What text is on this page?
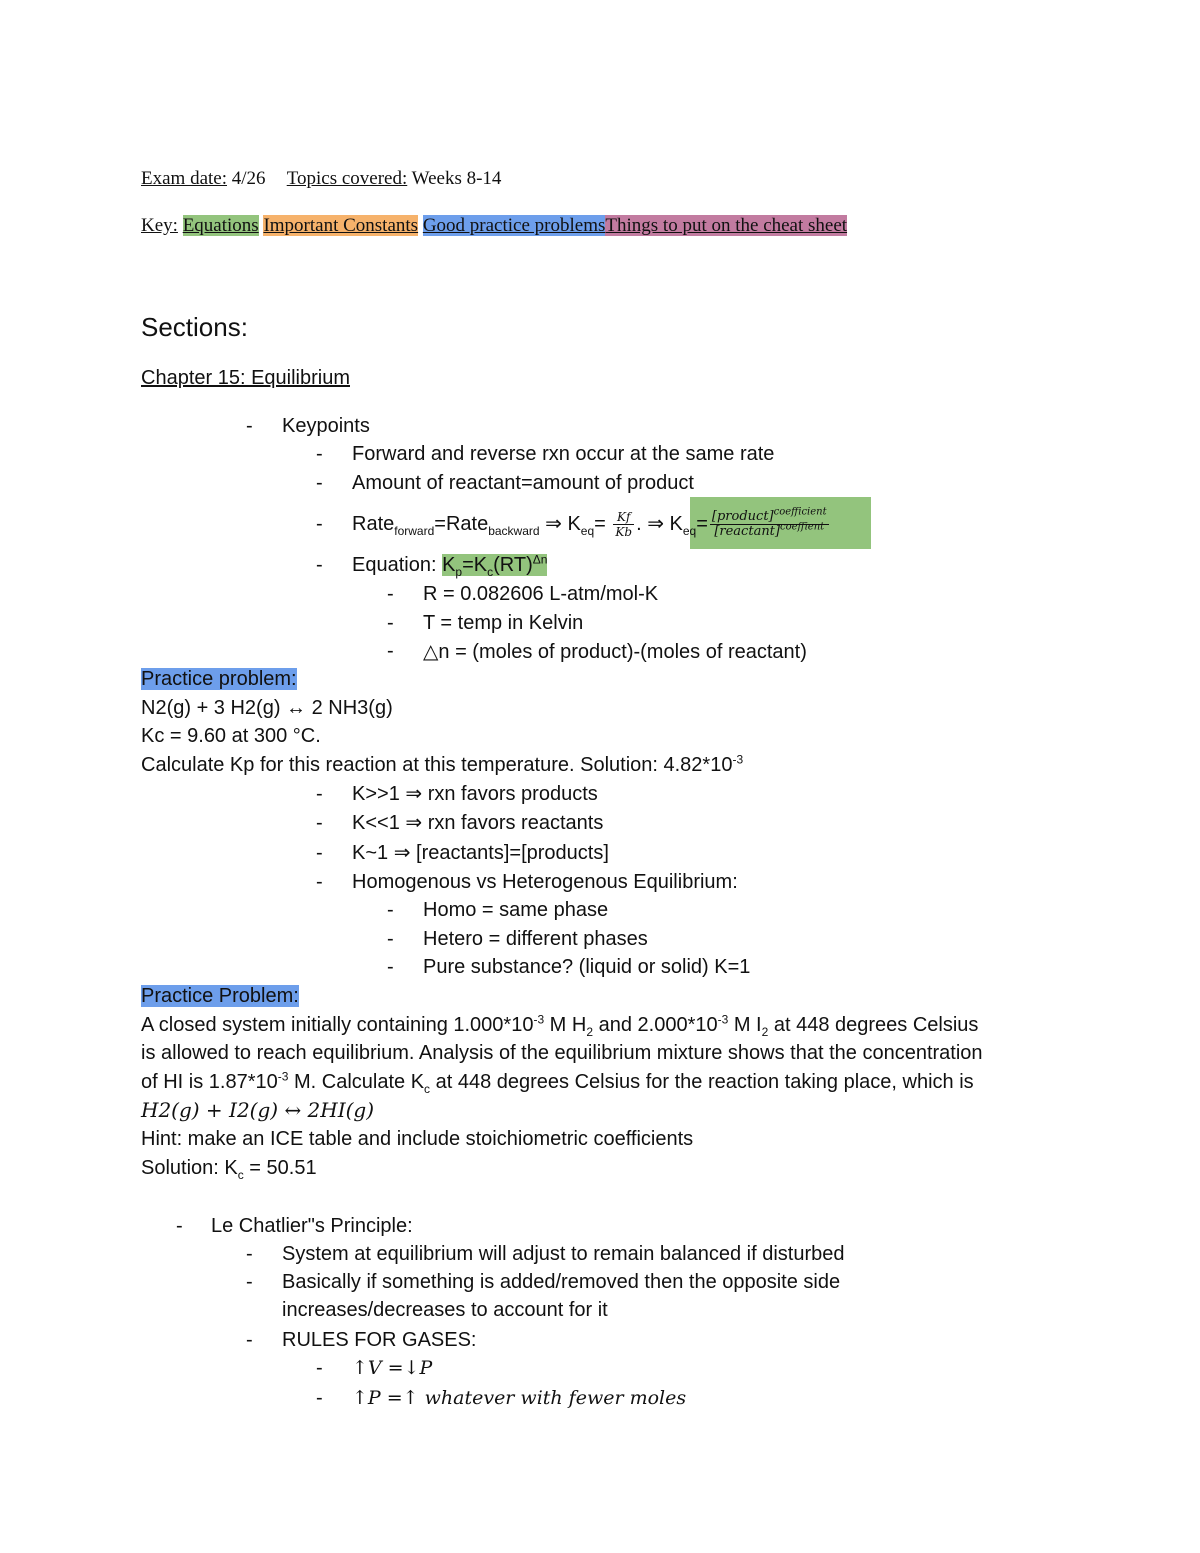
Exam date: 4/26 Topics covered: Weeks 8-14
Key: Equations Important Constants Good practice problemsThings to put on the cheat sheet
Sections:
Chapter 15: Equilibrium
- Keypoints
- Forward and reverse rxn occur at the same rate
- Amount of reactant=amount of product
- Rate$_{forward}$=Rate$_{backward}$ ⇒ $K_{eq}= \frac{Kf}{Kb}$ . ⇒ $K_{eq}= \frac{[product]^{coefficient}}{[reactant]^{coeffient}}$
- Equation: $K_p=K_c(RT)^{\Delta n}$
- R = 0.082606 L-atm/mol-K
- T = temp in Kelvin
- △n = (moles of product)-(moles of reactant)
Practice problem:
N2(g) + 3 H2(g) ↔ 2 NH3(g)
Kc = 9.60 at 300 °C.
Calculate Kp for this reaction at this temperature. Solution: $4.82*10^{-3}$
- K>>1 ⇒ rxn favors products
- K<<1 ⇒ rxn favors reactants
- K~1 ⇒ [reactants]=[products]
- Homogenous vs Heterogenous Equilibrium:
- Homo = same phase
- Hetero = different phases
- Pure substance? (liquid or solid) K=1
Practice Problem:
A closed system initially containing $1.000*10^{-3}$ M $H_2$ and $2.000*10^{-3}$ M $I_2$ at 448 degrees Celsius
is allowed to reach equilibrium. Analysis of the equilibrium mixture shows that the concentration
of HI is $1.87*10^{-3}$ M. Calculate $K_c$ at 448 degrees Celsius for the reaction taking place, which is
H2(g) + I2(g) ↔ 2HI(g)
Hint: make an ICE table and include stoichiometric coefficients
Solution: $K_c = 50.51$
- Le Chatlier"s Principle:
- System at equilibrium will adjust to remain balanced if disturbed
- Basically if something is added/removed then the opposite side
increases/decreases to account for it
- RULES FOR GASES:
- ↑V =↓P
- ↑P =↑ whatever with fewer moles
